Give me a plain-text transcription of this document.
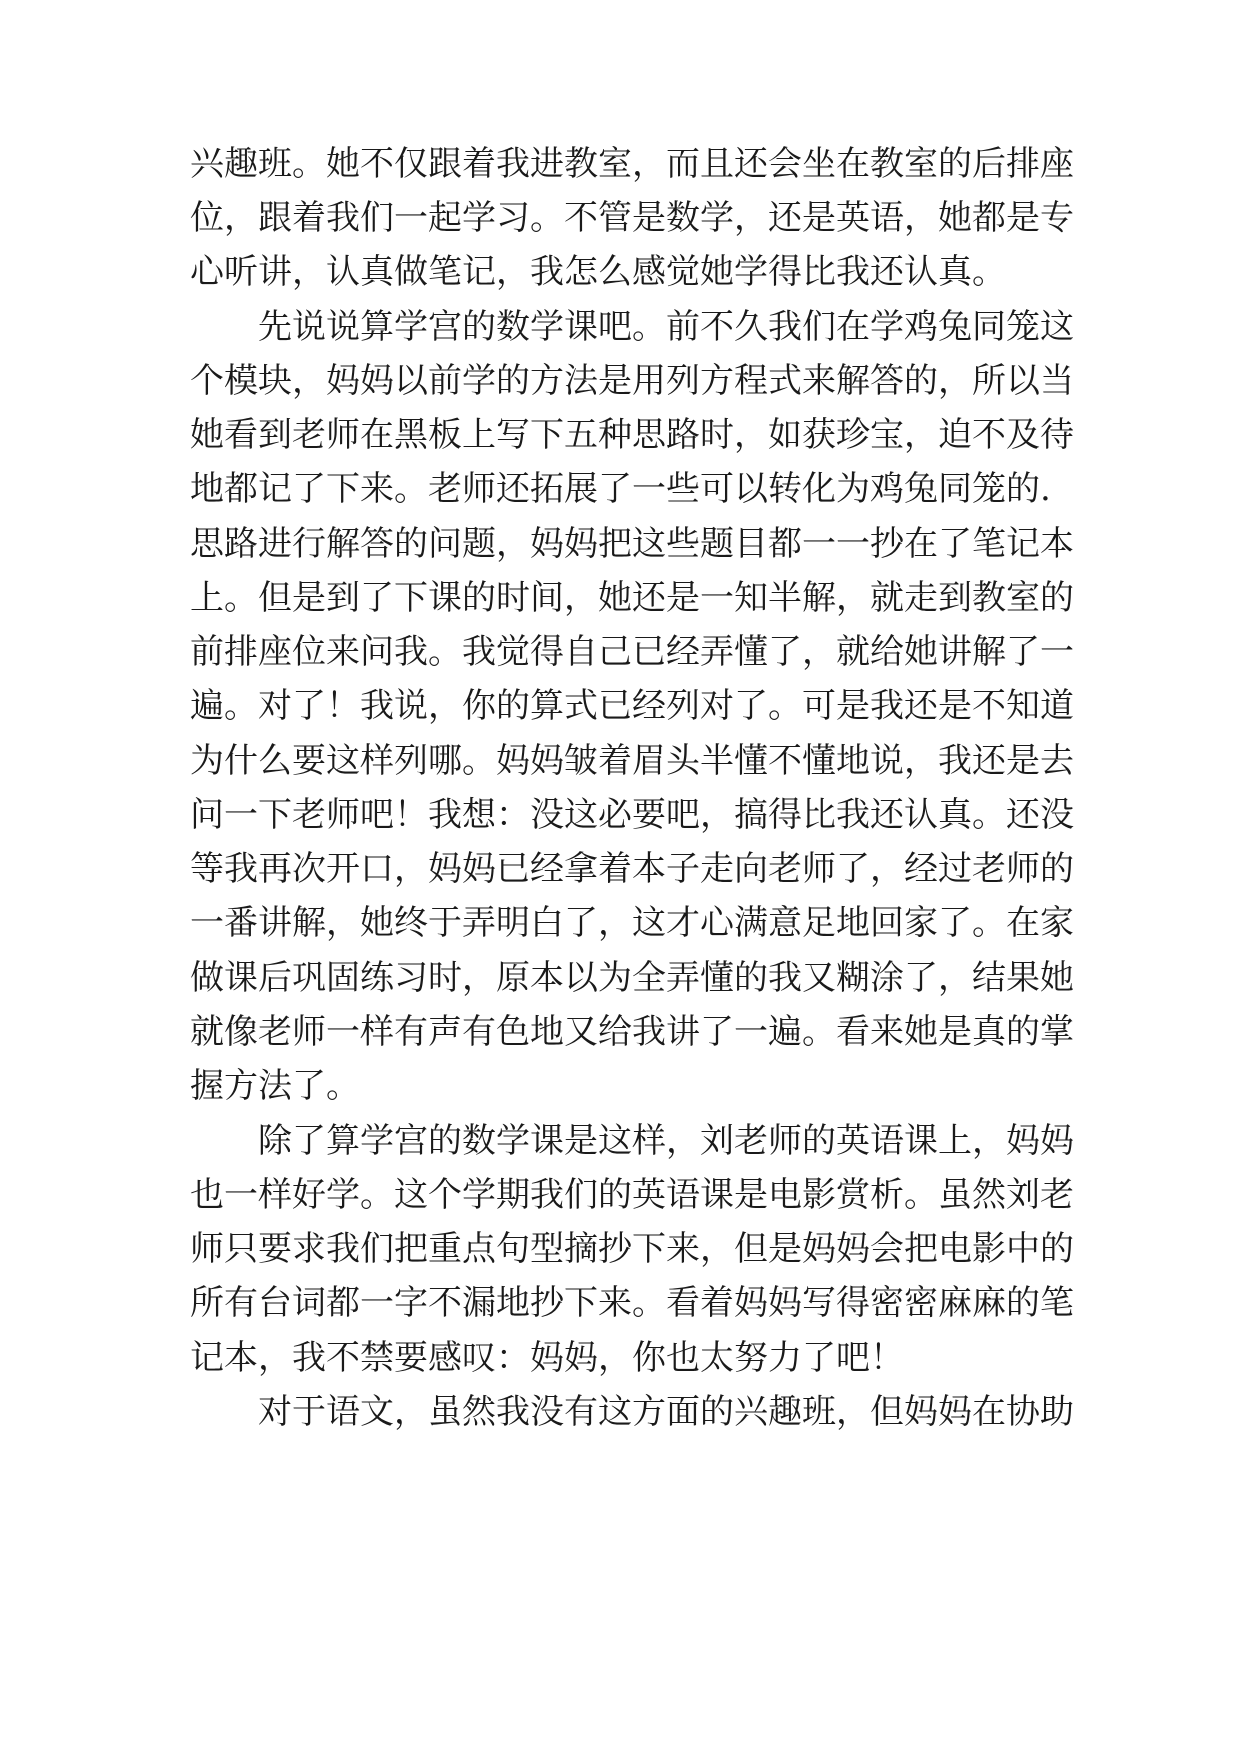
兴趣班。她不仅跟着我进教室，而且还会坐在教室的后排座
位，跟着我们一起学习。不管是数学，还是英语，她都是专
心听讲，认真做笔记，我怎么感觉她学得比我还认真。
先说说算学宫的数学课吧。前不久我们在学鸡兔同笼这
个模块，妈妈以前学的方法是用列方程式来解答的，所以当
她看到老师在黑板上写下五种思路时，如获珍宝，迫不及待
地都记了下来。老师还拓展了一些可以转化为鸡兔同笼的.
思路进行解答的问题，妈妈把这些题目都一一抄在了笔记本
上。但是到了下课的时间，她还是一知半解，就走到教室的
前排座位来问我。我觉得自己已经弄懂了，就给她讲解了一
遍。对了！我说，你的算式已经列对了。可是我还是不知道
为什么要这样列哪。妈妈皱着眉头半懂不懂地说，我还是去
问一下老师吧！我想：没这必要吧，搞得比我还认真。还没
等我再次开口，妈妈已经拿着本子走向老师了，经过老师的
一番讲解，她终于弄明白了，这才心满意足地回家了。在家
做课后巩固练习时，原本以为全弄懂的我又糊涂了，结果她
就像老师一样有声有色地又给我讲了一遍。看来她是真的掌
握方法了。
除了算学宫的数学课是这样，刘老师的英语课上，妈妈
也一样好学。这个学期我们的英语课是电影赏析。虽然刘老
师只要求我们把重点句型摘抄下来，但是妈妈会把电影中的
所有台词都一字不漏地抄下来。看着妈妈写得密密麻麻的笔
记本，我不禁要感叹：妈妈，你也太努力了吧！
对于语文，虽然我没有这方面的兴趣班，但妈妈在协助
